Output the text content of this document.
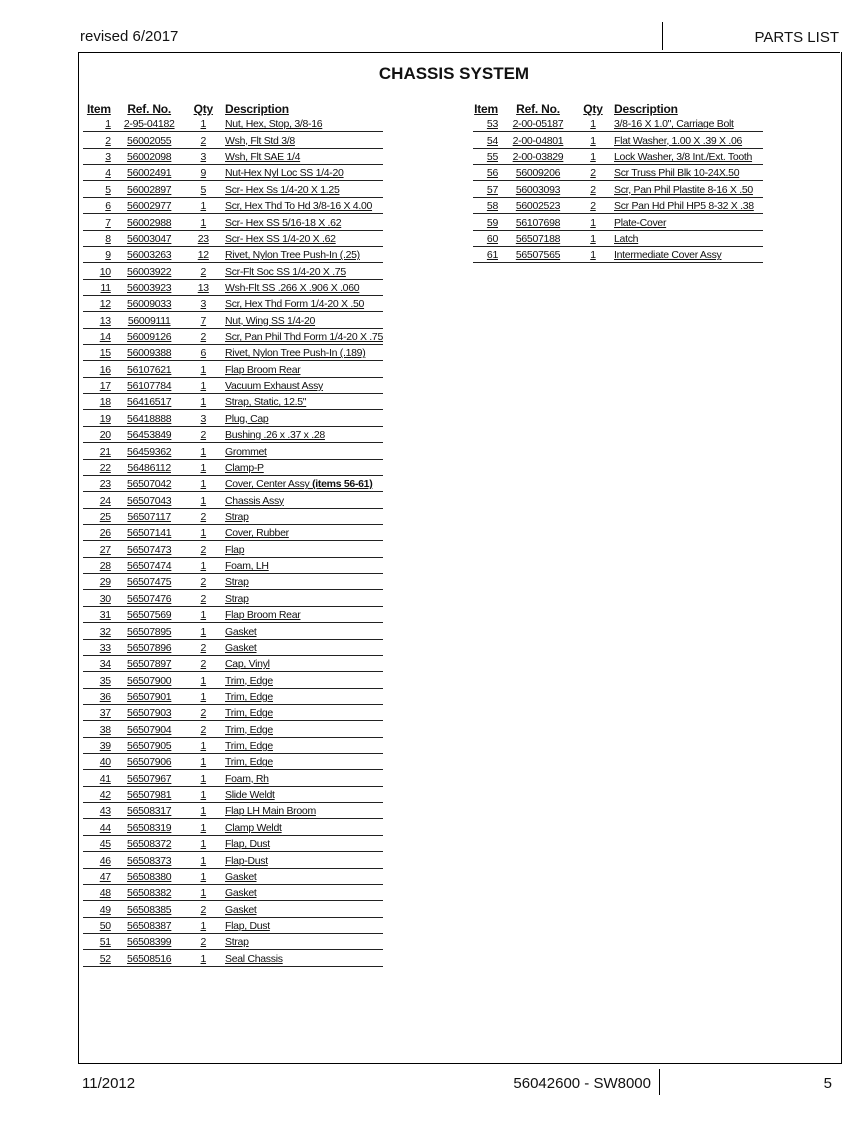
revised 6/2017	PARTS LIST
CHASSIS SYSTEM
Item	Ref. No.	Qty	Description
1	2-95-04182	1	Nut, Hex, Stop, 3/8-16
2	56002055	2	Wsh, Flt Std 3/8
3	56002098	3	Wsh, Flt SAE 1/4
4	56002491	9	Nut-Hex Nyl Loc SS 1/4-20
5	56002897	5	Scr- Hex Ss 1/4-20 X 1.25
6	56002977	1	Scr, Hex Thd To Hd 3/8-16 X 4.00
7	56002988	1	Scr- Hex SS 5/16-18 X .62
8	56003047	23	Scr- Hex SS 1/4-20 X .62
9	56003263	12	Rivet, Nylon Tree Push-In (.25)
10	56003922	2	Scr-Flt Soc SS 1/4-20 X .75
11	56003923	13	Wsh-Flt SS .266 X .906 X .060
12	56009033	3	Scr, Hex Thd Form 1/4-20 X .50
13	56009111	7	Nut, Wing SS 1/4-20
14	56009126	2	Scr, Pan Phil Thd Form 1/4-20 X .75
15	56009388	6	Rivet, Nylon Tree Push-In (.189)
16	56107621	1	Flap Broom Rear
17	56107784	1	Vacuum Exhaust Assy
18	56416517	1	Strap, Static, 12.5"
19	56418888	3	Plug, Cap
20	56453849	2	Bushing .26 x .37 x .28
21	56459362	1	Grommet
22	56486112	1	Clamp-P
23	56507042	1	Cover, Center Assy (items 56-61)
24	56507043	1	Chassis Assy
25	56507117	2	Strap
26	56507141	1	Cover, Rubber
27	56507473	2	Flap
28	56507474	1	Foam, LH
29	56507475	2	Strap
30	56507476	2	Strap
31	56507569	1	Flap Broom Rear
32	56507895	1	Gasket
33	56507896	2	Gasket
34	56507897	2	Cap, Vinyl
35	56507900	1	Trim, Edge
36	56507901	1	Trim, Edge
37	56507903	2	Trim, Edge
38	56507904	2	Trim, Edge
39	56507905	1	Trim, Edge
40	56507906	1	Trim, Edge
41	56507967	1	Foam, Rh
42	56507981	1	Slide Weldt
43	56508317	1	Flap LH Main Broom
44	56508319	1	Clamp Weldt
45	56508372	1	Flap, Dust
46	56508373	1	Flap-Dust
47	56508380	1	Gasket
48	56508382	1	Gasket
49	56508385	2	Gasket
50	56508387	1	Flap, Dust
51	56508399	2	Strap
52	56508516	1	Seal Chassis
Item	Ref. No.	Qty	Description
53	2-00-05187	1	3/8-16 X 1.0", Carriage Bolt
54	2-00-04801	1	Flat Washer, 1.00 X .39 X .06
55	2-00-03829	1	Lock Washer, 3/8 Int./Ext. Tooth
56	56009206	2	Scr Truss Phil Blk 10-24X.50
57	56003093	2	Scr, Pan Phil Plastite 8-16 X .50
58	56002523	2	Scr Pan Hd Phil HP5 8-32 X .38
59	56107698	1	Plate-Cover
60	56507188	1	Latch
61	56507565	1	Intermediate Cover Assy
11/2012	56042600 - SW8000	5
